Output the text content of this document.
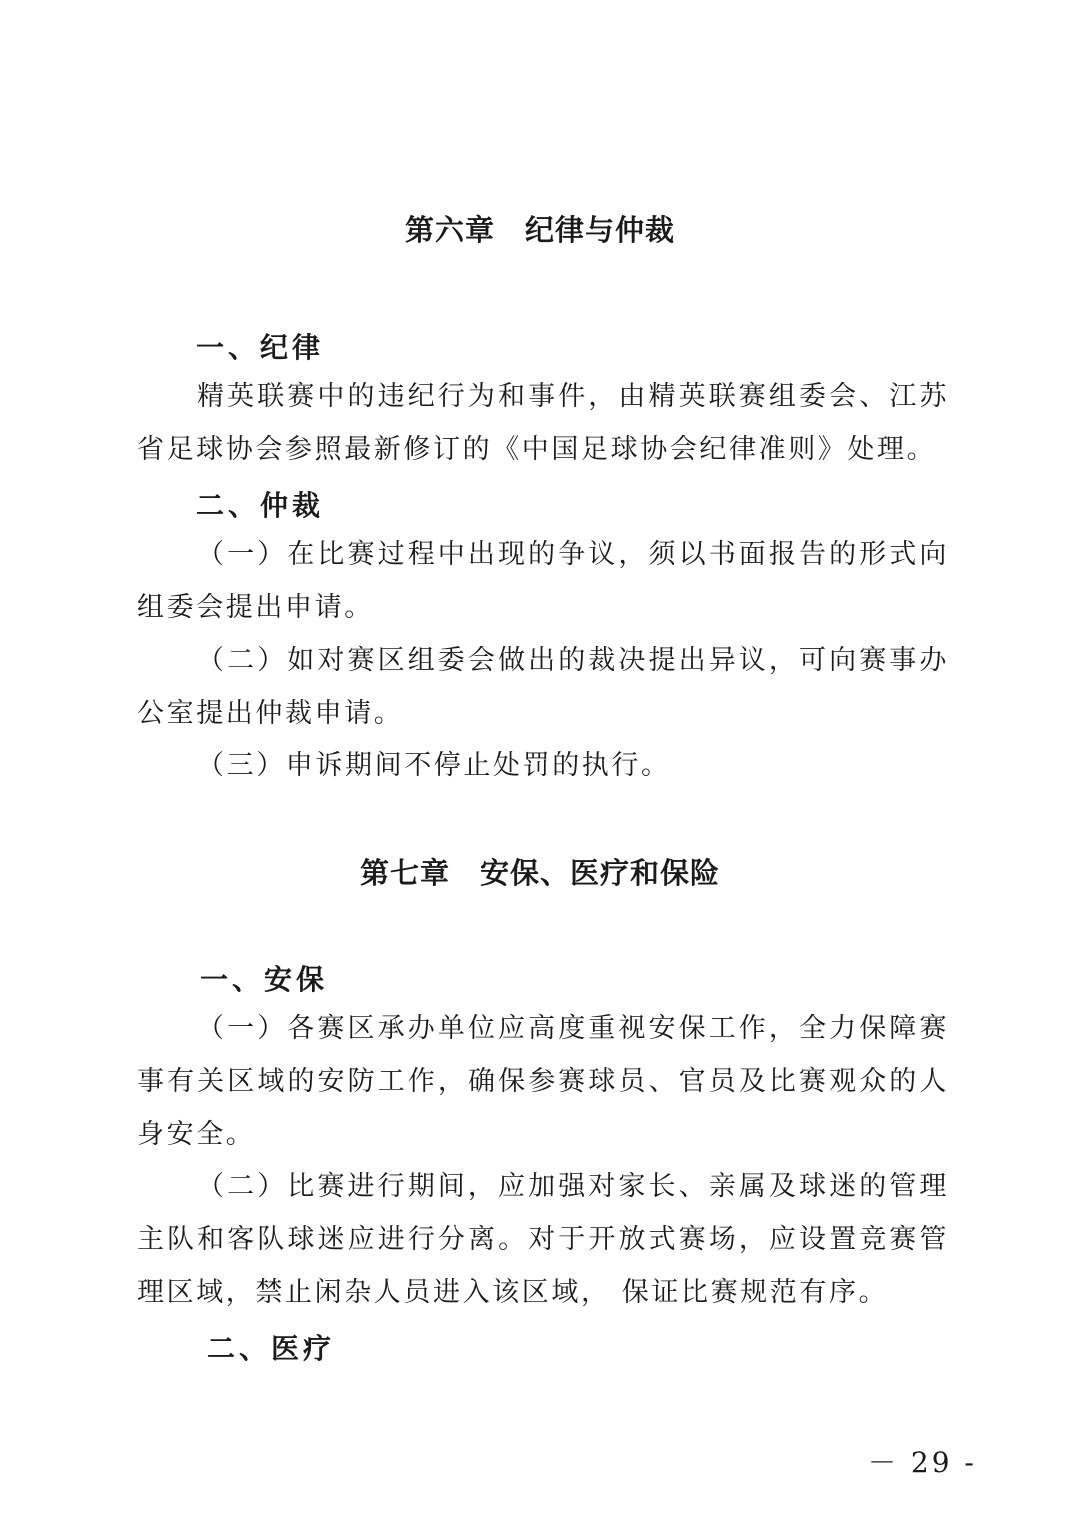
第六章　纪律与仲裁
一、纪律

精英联赛中的违纪行为和事件，由精英联赛组委会、江苏省足球协会参照最新修订的《中国足球协会纪律准则》处理。

二、仲裁

（一）在比赛过程中出现的争议，须以书面报告的形式向组委会提出申请。

（二）如对赛区组委会做出的裁决提出异议，可向赛事办公室提出仲裁申请。

（三）申诉期间不停止处罚的执行。

第七章　安保、医疗和保险
一、安保

（一）各赛区承办单位应高度重视安保工作，全力保障赛事有关区域的安防工作，确保参赛球员、官员及比赛观众的人身安全。

（二）比赛进行期间，应加强对家长、亲属及球迷的管理主队和客队球迷应进行分离。对于开放式赛场，应设置竞赛管理区域，禁止闲杂人员进入该区域， 保证比赛规范有序。

二、医疗
－ 29 -
